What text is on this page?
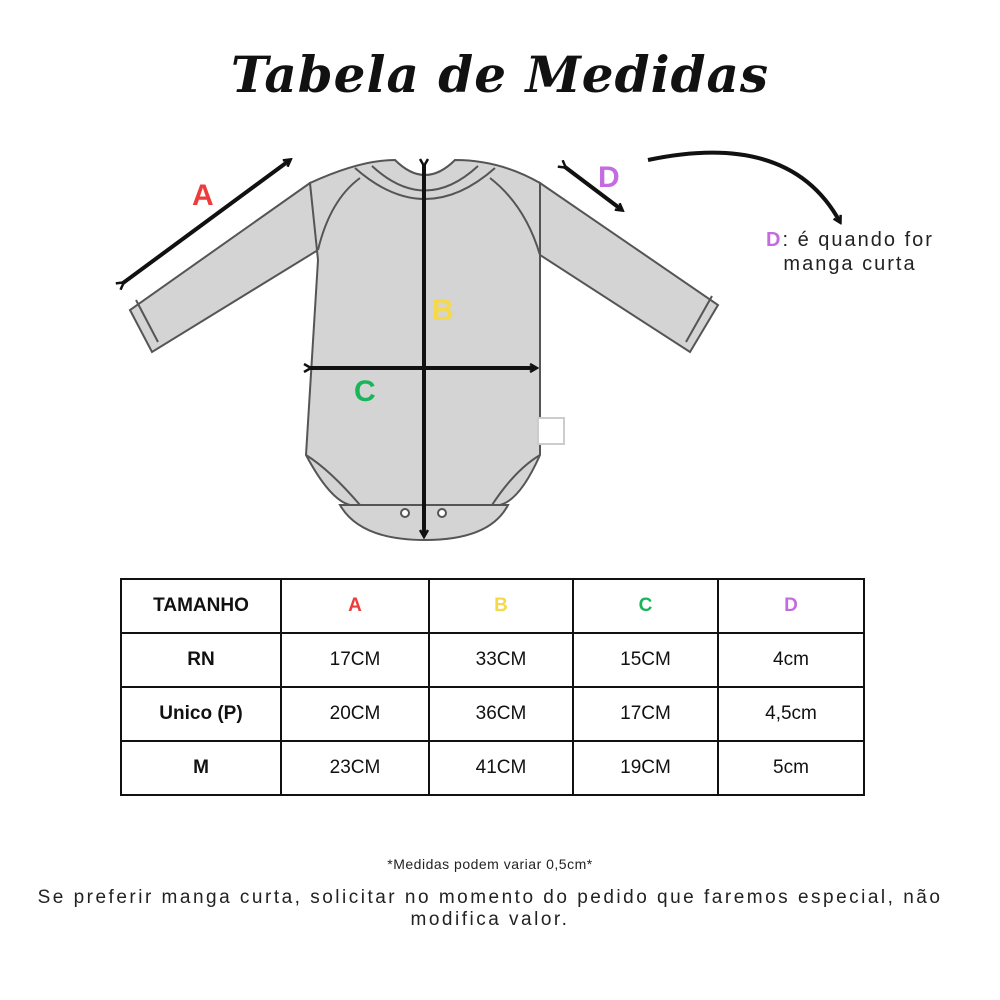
Tabela de Medidas
A
B
C
D
D: é quando for manga curta
TAMANHO	A	B	C	D
RN	17CM	33CM	15CM	4cm
Unico (P)	20CM	36CM	17CM	4,5cm
M	23CM	41CM	19CM	5cm
*Medidas podem variar 0,5cm*
Se preferir manga curta, solicitar no momento do pedido que faremos especial, não modifica valor.
